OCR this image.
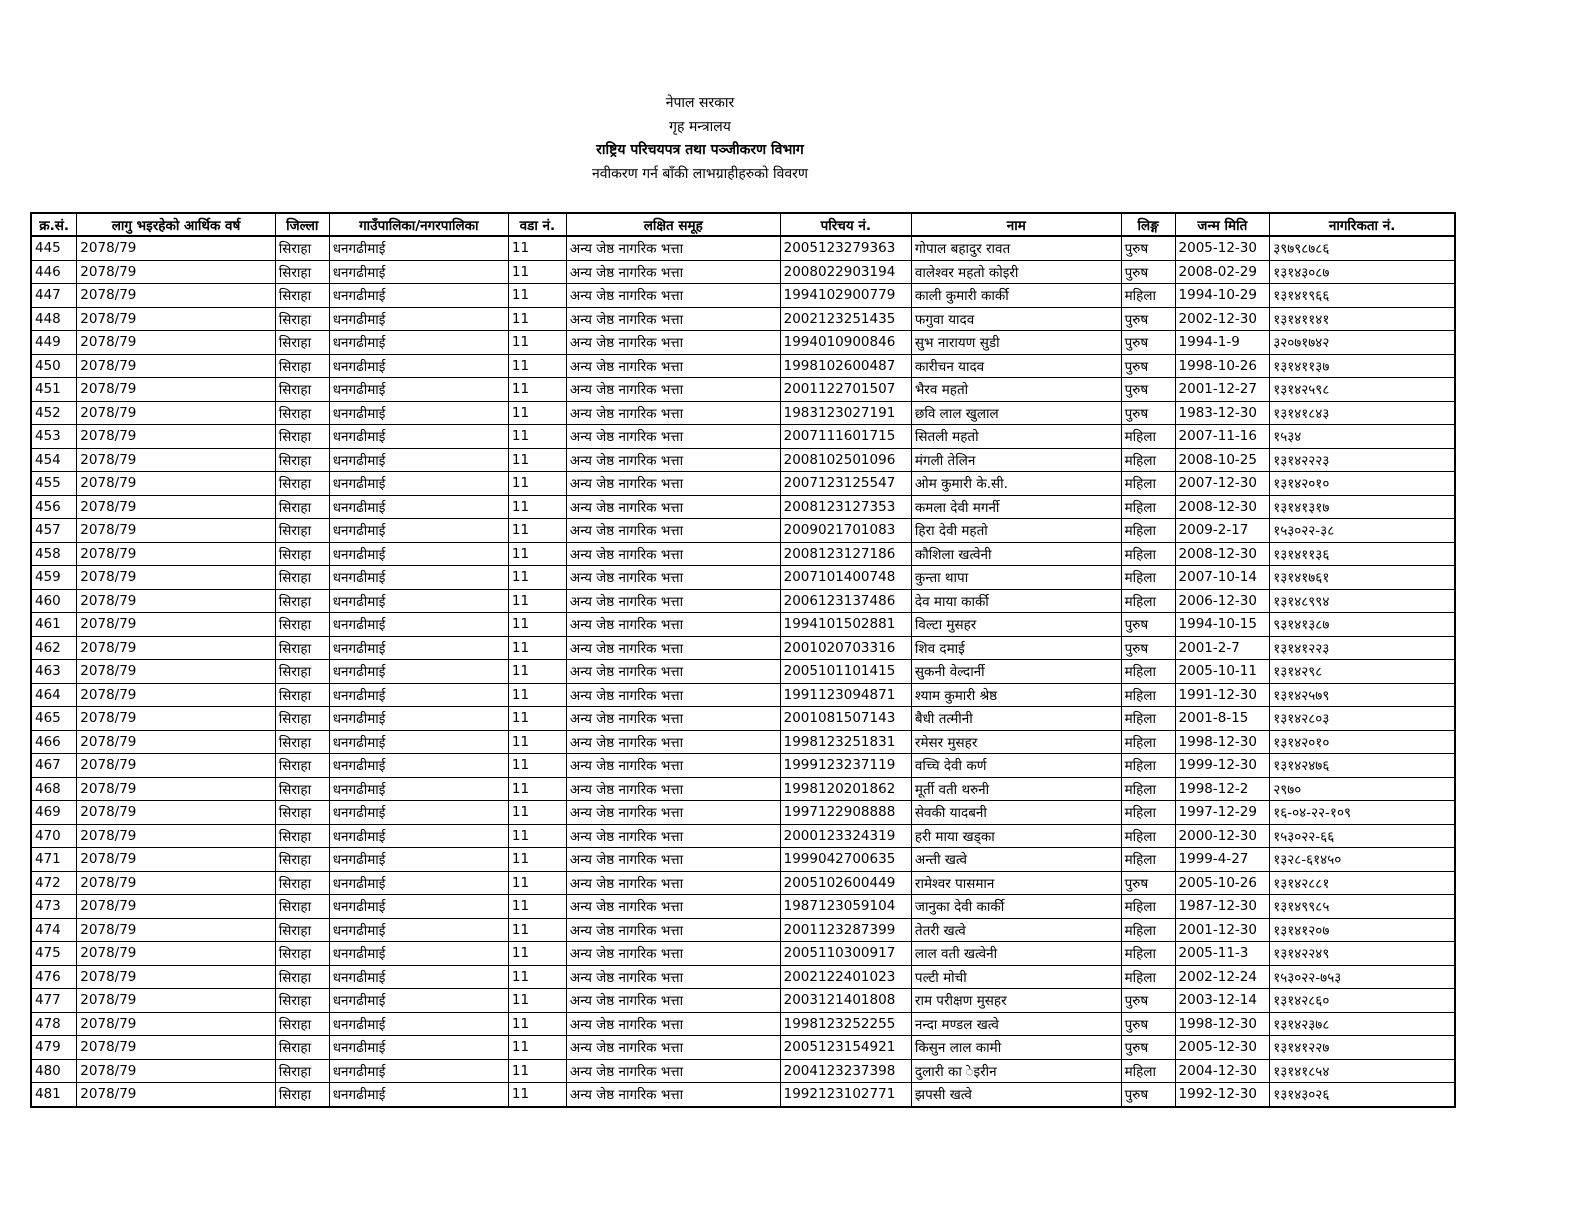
नेपाल सरकार
गृह मन्त्रालय
राष्ट्रिय परिचयपत्र तथा पञ्जीकरण विभाग
नवीकरण गर्न बाँकी लाभग्राहीहरुको विवरण
क्र.सं.	लागु भइरहेको आर्थिक वर्ष	जिल्ला	गाउँपालिका/नगरपालिका	वडा नं.	लक्षित समूह	परिचय नं.	नाम	लिङ्ग	जन्म मिति	नागरिकता नं.
445	2078/79	सिराहा	धनगढीमाई	11	अन्य जेष्ठ नागरिक भत्ता	2005123279363	गोपाल बहादुर रावत	पुरुष	2005-12-30	३९७९८७८६
446	2078/79	सिराहा	धनगढीमाई	11	अन्य जेष्ठ नागरिक भत्ता	2008022903194	वालेश्वर महतो कोइरी	पुरुष	2008-02-29	१३१४३०८७
447	2078/79	सिराहा	धनगढीमाई	11	अन्य जेष्ठ नागरिक भत्ता	1994102900779	काली कुमारी कार्की	महिला	1994-10-29	१३१४१९६६
448	2078/79	सिराहा	धनगढीमाई	11	अन्य जेष्ठ नागरिक भत्ता	2002123251435	फगुवा यादव	पुरुष	2002-12-30	१३१४११४१
449	2078/79	सिराहा	धनगढीमाई	11	अन्य जेष्ठ नागरिक भत्ता	1994010900846	सुभ नारायण सुडी	पुरुष	1994-1-9	३२०७१७४२
450	2078/79	सिराहा	धनगढीमाई	11	अन्य जेष्ठ नागरिक भत्ता	1998102600487	कारीचन यादव	पुरुष	1998-10-26	१३१४११३७
451	2078/79	सिराहा	धनगढीमाई	11	अन्य जेष्ठ नागरिक भत्ता	2001122701507	भैरव महतो	पुरुष	2001-12-27	१३१४२५९८
452	2078/79	सिराहा	धनगढीमाई	11	अन्य जेष्ठ नागरिक भत्ता	1983123027191	छवि लाल खुलाल	पुरुष	1983-12-30	१३१४१८४३
453	2078/79	सिराहा	धनगढीमाई	11	अन्य जेष्ठ नागरिक भत्ता	2007111601715	सितली महतो	महिला	2007-11-16	१५३४
454	2078/79	सिराहा	धनगढीमाई	11	अन्य जेष्ठ नागरिक भत्ता	2008102501096	मंगली तेलिन	महिला	2008-10-25	१३१४२२२३
455	2078/79	सिराहा	धनगढीमाई	11	अन्य जेष्ठ नागरिक भत्ता	2007123125547	ओम कुमारी के.सी.	महिला	2007-12-30	१३१४२०१०
456	2078/79	सिराहा	धनगढीमाई	11	अन्य जेष्ठ नागरिक भत्ता	2008123127353	कमला देवी मगर्नी	महिला	2008-12-30	१३१४१३१७
457	2078/79	सिराहा	धनगढीमाई	11	अन्य जेष्ठ नागरिक भत्ता	2009021701083	हिरा देवी महतो	महिला	2009-2-17	१५३०२२-३८
458	2078/79	सिराहा	धनगढीमाई	11	अन्य जेष्ठ नागरिक भत्ता	2008123127186	कौशिला खत्वेनी	महिला	2008-12-30	१३१४११३६
459	2078/79	सिराहा	धनगढीमाई	11	अन्य जेष्ठ नागरिक भत्ता	2007101400748	कुन्ता थापा	महिला	2007-10-14	१३१४१७६१
460	2078/79	सिराहा	धनगढीमाई	11	अन्य जेष्ठ नागरिक भत्ता	2006123137486	देव माया कार्की	महिला	2006-12-30	१३१४८९९४
461	2078/79	सिराहा	धनगढीमाई	11	अन्य जेष्ठ नागरिक भत्ता	1994101502881	विल्टा मुसहर	पुरुष	1994-10-15	९३१४१३८७
462	2078/79	सिराहा	धनगढीमाई	11	अन्य जेष्ठ नागरिक भत्ता	2001020703316	शिव दमाई	पुरुष	2001-2-7	१३१४१२२३
463	2078/79	सिराहा	धनगढीमाई	11	अन्य जेष्ठ नागरिक भत्ता	2005101101415	सुकनी वेल्दार्नी	महिला	2005-10-11	१३१४२९८
464	2078/79	सिराहा	धनगढीमाई	11	अन्य जेष्ठ नागरिक भत्ता	1991123094871	श्याम कुमारी श्रेष्ठ	महिला	1991-12-30	१३१४२५७९
465	2078/79	सिराहा	धनगढीमाई	11	अन्य जेष्ठ नागरिक भत्ता	2001081507143	बैधी तत्मीनी	महिला	2001-8-15	१३१४२८०३
466	2078/79	सिराहा	धनगढीमाई	11	अन्य जेष्ठ नागरिक भत्ता	1998123251831	रमेसर मुसहर	महिला	1998-12-30	१३१४२०१०
467	2078/79	सिराहा	धनगढीमाई	11	अन्य जेष्ठ नागरिक भत्ता	1999123237119	वच्चि देवी कर्ण	महिला	1999-12-30	१३१४२४७६
468	2078/79	सिराहा	धनगढीमाई	11	अन्य जेष्ठ नागरिक भत्ता	1998120201862	मूर्ती वती थरुनी	महिला	1998-12-2	२९७०
469	2078/79	सिराहा	धनगढीमाई	11	अन्य जेष्ठ नागरिक भत्ता	1997122908888	सेवकी यादबनी	महिला	1997-12-29	१६-०४-२२-१०९
470	2078/79	सिराहा	धनगढीमाई	11	अन्य जेष्ठ नागरिक भत्ता	2000123324319	हरी माया खड्का	महिला	2000-12-30	१५३०२२-६६
471	2078/79	सिराहा	धनगढीमाई	11	अन्य जेष्ठ नागरिक भत्ता	1999042700635	अन्ती खत्वे	महिला	1999-4-27	१३२८-६१४५०
472	2078/79	सिराहा	धनगढीमाई	11	अन्य जेष्ठ नागरिक भत्ता	2005102600449	रामेश्वर पासमान	पुरुष	2005-10-26	१३१४२८८१
473	2078/79	सिराहा	धनगढीमाई	11	अन्य जेष्ठ नागरिक भत्ता	1987123059104	जानुका देवी कार्की	महिला	1987-12-30	१३१४९९८५
474	2078/79	सिराहा	धनगढीमाई	11	अन्य जेष्ठ नागरिक भत्ता	2001123287399	तेतरी खत्वे	महिला	2001-12-30	१३१४१२०७
475	2078/79	सिराहा	धनगढीमाई	11	अन्य जेष्ठ नागरिक भत्ता	2005110300917	लाल वती खत्वेनी	महिला	2005-11-3	१३१४२२४९
476	2078/79	सिराहा	धनगढीमाई	11	अन्य जेष्ठ नागरिक भत्ता	2002122401023	पल्टी मोची	महिला	2002-12-24	१५३०२२-७५३
477	2078/79	सिराहा	धनगढीमाई	11	अन्य जेष्ठ नागरिक भत्ता	2003121401808	राम परीक्षण मुसहर	पुरुष	2003-12-14	१३१४२८६०
478	2078/79	सिराहा	धनगढीमाई	11	अन्य जेष्ठ नागरिक भत्ता	1998123252255	नन्दा मण्डल खत्वे	पुरुष	1998-12-30	१३१४२३७८
479	2078/79	सिराहा	धनगढीमाई	11	अन्य जेष्ठ नागरिक भत्ता	2005123154921	किसुन लाल कामी	पुरुष	2005-12-30	१३१४१२२७
480	2078/79	सिराहा	धनगढीमाई	11	अन्य जेष्ठ नागरिक भत्ता	2004123237398	दुलारी का ेइरीन	महिला	2004-12-30	१३१४१८५४
481	2078/79	सिराहा	धनगढीमाई	11	अन्य जेष्ठ नागरिक भत्ता	1992123102771	झपसी खत्वे	पुरुष	1992-12-30	१३१४३०२६
